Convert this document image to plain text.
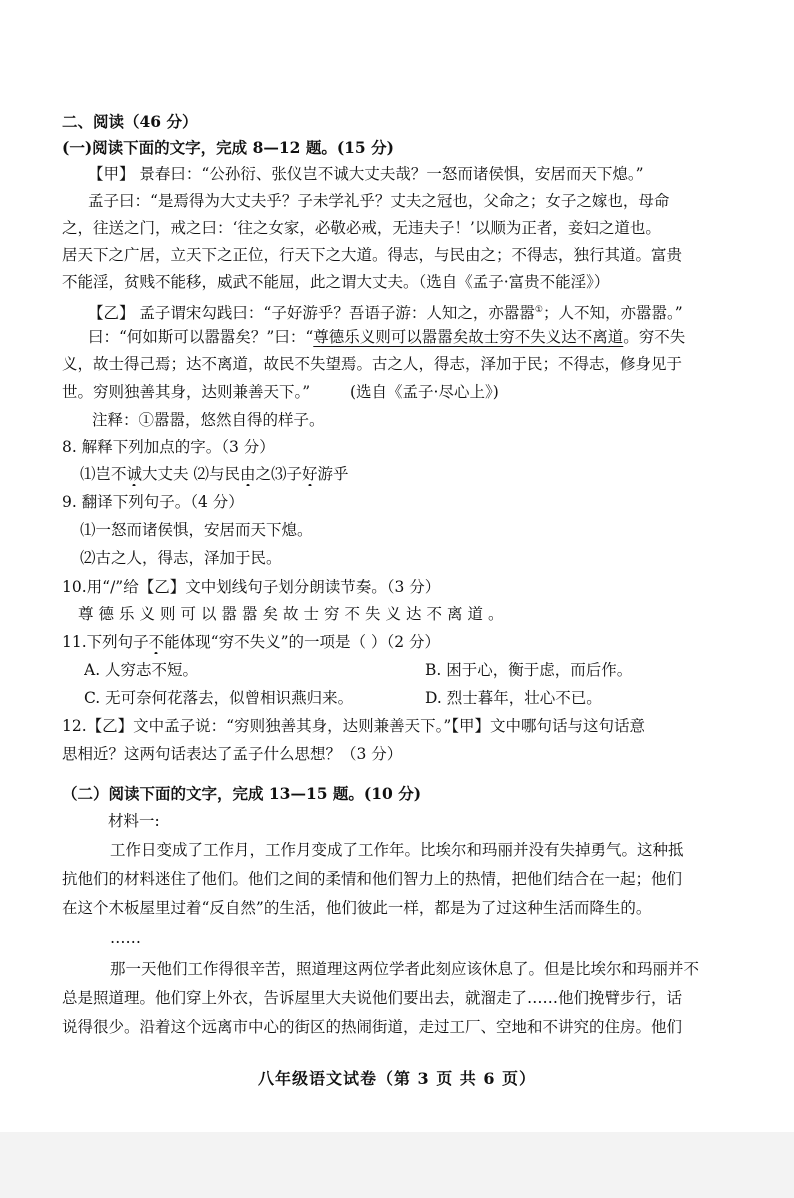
二、阅读（46 分）
(一)阅读下面的文字，完成 8—12 题。(15 分)
【甲】 景春曰：“公孙衍、张仪岂不诚大丈夫哉？一怒而诸侯惧，安居而天下熄。”
孟子曰：“是焉得为大丈夫乎？子未学礼乎？丈夫之冠也，父命之；女子之嫁也，母命
之，往送之门，戒之曰：‘往之女家，必敬必戒，无违夫子！’以顺为正者，妾妇之道也。
居天下之广居，立天下之正位，行天下之大道。得志，与民由之；不得志，独行其道。富贵
不能淫，贫贱不能移，威武不能屈，此之谓大丈夫。（选自《孟子·富贵不能淫》）
【乙】 孟子谓宋勾践曰：“子好游乎？吾语子游：人知之，亦嚣嚣①；人不知，亦嚣嚣。”
曰：“何如斯可以嚣嚣矣？”曰：“尊德乐义则可以嚣嚣矣故士穷不失义达不离道。穷不失
义，故士得己焉；达不离道，故民不失望焉。古之人，得志，泽加于民；不得志，修身见于
世。穷则独善其身，达则兼善天下。”	(选自《孟子·尽心上》)
注释：①嚣嚣，悠然自得的样子。
8. 解释下列加点的字。（3 分）
⑴岂不诚大丈夫 ⑵与民由之⑶子好游乎
9. 翻译下列句子。（4 分）
⑴一怒而诸侯惧，安居而天下熄。
⑵古之人，得志，泽加于民。
10.用“/”给【乙】文中划线句子划分朗读节奏。（3 分）
尊德乐义则可以嚣嚣矣故士穷不失义达不离道。
11.下列句子不能体现“穷不失义”的一项是（ ）（2 分）
A. 人穷志不短。	B. 困于心，衡于虑，而后作。
C. 无可奈何花落去，似曾相识燕归来。	D. 烈士暮年，壮心不已。
12.【乙】文中孟子说：“穷则独善其身，达则兼善天下。”【甲】文中哪句话与这句话意
思相近？这两句话表达了孟子什么思想？（3 分）
（二）阅读下面的文字，完成 13—15 题。(10 分)
材料一:
工作日变成了工作月，工作月变成了工作年。比埃尔和玛丽并没有失掉勇气。这种抵
抗他们的材料迷住了他们。他们之间的柔情和他们智力上的热情，把他们结合在一起；他们
在这个木板屋里过着“反自然”的生活，他们彼此一样，都是为了过这种生活而降生的。
……
那一天他们工作得很辛苦，照道理这两位学者此刻应该休息了。但是比埃尔和玛丽并不
总是照道理。他们穿上外衣，告诉屋里大夫说他们要出去，就溜走了……他们挽臂步行，话
说得很少。沿着这个远离市中心的街区的热闹街道，走过工厂、空地和不讲究的住房。他们
八年级语文试卷（第 3 页 共 6 页）
